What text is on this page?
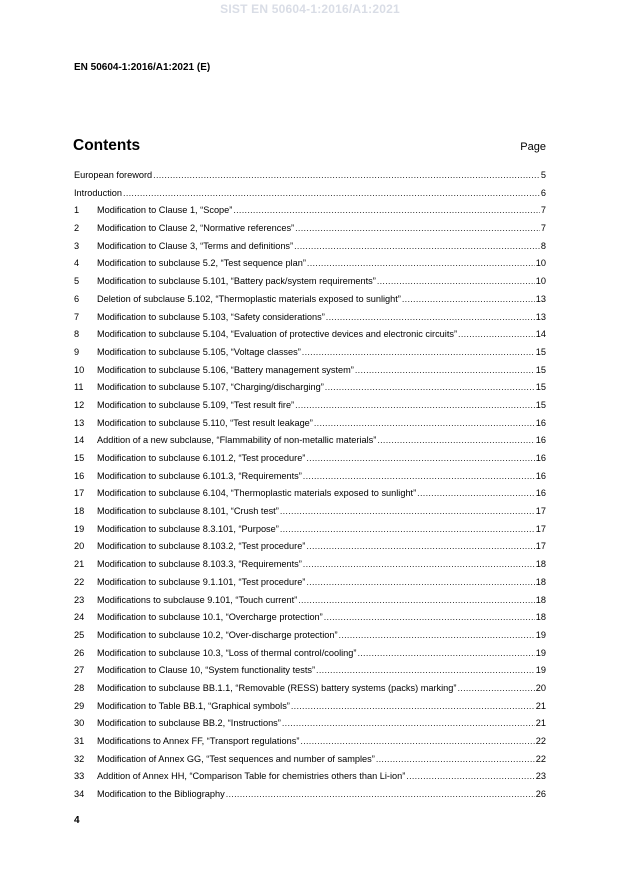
SIST EN 50604-1:2016/A1:2021
EN 50604-1:2016/A1:2021 (E)
Contents	Page
European foreword .....	5
Introduction .....	6
1	Modification to Clause 1, “Scope” .....	7
2	Modification to Clause 2, “Normative references” .....	7
3	Modification to Clause 3, “Terms and definitions” .....	8
4	Modification to subclause 5.2, “Test sequence plan” .....	10
5	Modification to subclause 5.101, “Battery pack/system requirements” .....	10
6	Deletion of subclause 5.102, “Thermoplastic materials exposed to sunlight” .....	13
7	Modification to subclause 5.103, “Safety considerations” .....	13
8	Modification to subclause 5.104, “Evaluation of protective devices and electronic circuits” .....	14
9	Modification to subclause 5.105, “Voltage classes” .....	15
10	Modification to subclause 5.106, “Battery management system” .....	15
11	Modification to subclause 5.107, “Charging/discharging” .....	15
12	Modification to subclause 5.109, “Test result fire” .....	15
13	Modification to subclause 5.110, “Test result leakage” .....	16
14	Addition of a new subclause, “Flammability of non-metallic materials” .....	16
15	Modification to subclause 6.101.2, “Test procedure” .....	16
16	Modification to subclause 6.101.3, “Requirements” .....	16
17	Modification to subclause 6.104, “Thermoplastic materials exposed to sunlight” .....	16
18	Modification to subclause 8.101, “Crush test” .....	17
19	Modification to subclause 8.3.101, “Purpose” .....	17
20	Modification to subclause 8.103.2, “Test procedure” .....	17
21	Modification to subclause 8.103.3, “Requirements” .....	18
22	Modification to subclause 9.1.101, “Test procedure” .....	18
23	Modifications to subclause 9.101, “Touch current” .....	18
24	Modification to subclause 10.1, “Overcharge protection” .....	18
25	Modification to subclause 10.2, “Over-discharge protection” .....	19
26	Modification to subclause 10.3, “Loss of thermal control/cooling” .....	19
27	Modification to Clause 10, “System functionality tests” .....	19
28	Modification to subclause BB.1.1, “Removable (RESS) battery systems (packs) marking” .....	20
29	Modification to Table BB.1, “Graphical symbols” .....	21
30	Modification to subclause BB.2, “Instructions” .....	21
31	Modifications to Annex FF, “Transport regulations” .....	22
32	Modification of Annex GG, “Test sequences and number of samples” .....	22
33	Addition of Annex HH, “Comparison Table for chemistries others than Li-ion” .....	23
34	Modification to the Bibliography .....	26
4
